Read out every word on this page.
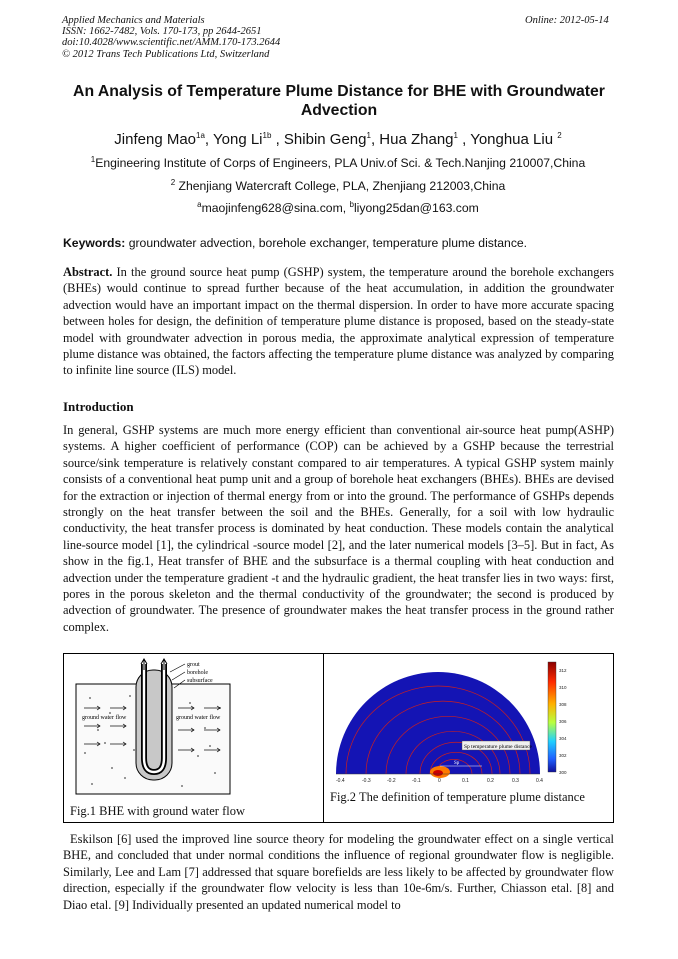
Applied Mechanics and Materials
ISSN: 1662-7482, Vols. 170-173, pp 2644-2651
doi:10.4028/www.scientific.net/AMM.170-173.2644
© 2012 Trans Tech Publications Ltd, Switzerland
Online: 2012-05-14
An Analysis of Temperature Plume Distance for BHE with Groundwater Advection
Jinfeng Mao$^{1a}$, Yong $Li^{1b}$ , Shibin Geng$^1$, Hua Zhang$^1$ , Yonghua Liu $^2$
$^1$Engineering Institute of Corps of Engineers, PLA Univ.of Sci. & Tech.Nanjing 210007,China
$^2$ Zhenjiang Watercraft College, PLA, Zhenjiang 212003,China
$^a$maojinfeng628@sina.com, $^b$liyong25dan@163.com
Keywords: groundwater advection, borehole exchanger, temperature plume distance.
Abstract. In the ground source heat pump (GSHP) system, the temperature around the borehole exchangers (BHEs) would continue to spread further because of the heat accumulation, in addition the groundwater advection would have an important impact on the thermal dispersion. In order to have more accurate spacing between holes for design, the definition of temperature plume distance is proposed, based on the steady-state model with groundwater advection in porous media, the approximate analytical expression of temperature plume distance was obtained, the factors affecting the temperature plume distance was analyzed by comparing to infinite line source (ILS) model.
Introduction
In general, GSHP systems are much more energy efficient than conventional air-source heat pump(ASHP) systems. A higher coefficient of performance (COP) can be achieved by a GSHP because the terrestrial source/sink temperature is relatively constant compared to air temperatures. A typical GSHP system mainly consists of a conventional heat pump unit and a group of borehole heat exchangers (BHEs). BHEs are devised for the extraction or injection of thermal energy from or into the ground. The performance of GSHPs depends strongly on the heat transfer between the soil and the BHEs. Generally, for a soil with low hydraulic conductivity, the heat transfer process is dominated by heat conduction. These models contain the analytical line-source model [1], the cylindrical -source model [2], and the later numerical models [3–5]. But in fact, As show in the fig.1, Heat transfer of BHE and the subsurface is a thermal coupling with heat conduction and advection under the temperature gradient -t and the hydraulic gradient, the heat transfer lies in two ways: first, pores in the porous skeleton and the thermal conductivity of the groundwater; the second is produced by advection of groundwater. The presence of groundwater makes the heat transfer process in the ground rather complex.
grout
borehole
subsurface
ground water flow	ground water flow
Fig.1 BHE with ground water flow
Sp temperature plume distance
Sp
-0.4	-0.3	-0.2	-0.1	0	0.1	0.2	0.3	0.4
312
310
308
306
304
302
300
Fig.2 The definition of temperature plume distance
Eskilson [6] used the improved line source theory for modeling the groundwater effect on a single vertical BHE, and concluded that under normal conditions the influence of regional groundwater flow is negligible. Similarly, Lee and Lam [7] addressed that square borefields are less likely to be affected by groundwater flow direction, especially if the groundwater flow velocity is less than 10e-6m/s. Further, Chiasson etal. [8] and Diao etal. [9] Individually presented an updated numerical model to
